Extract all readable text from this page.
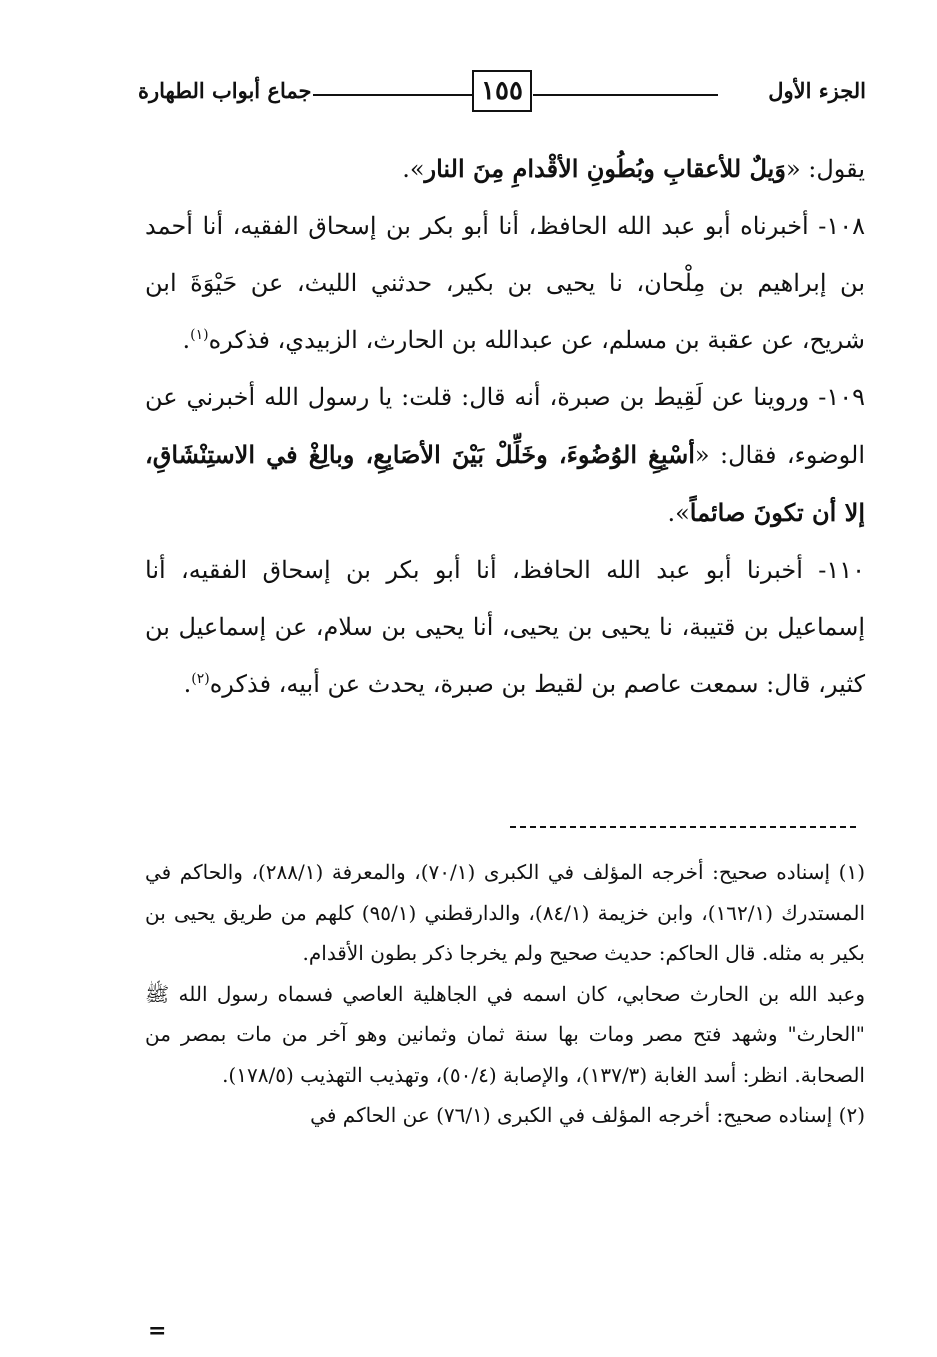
الجزء الأول
١٥٥
جماع أبواب الطهارة

يقول: «وَيلٌ للأعقابِ وبُطُونِ الأقْدامِ مِنَ النار».

١٠٨- أخبرناه أبو عبد الله الحافظ، أنا أبو بكر بن إسحاق الفقيه، أنا أحمد بن إبراهيم بن مِلْحان، نا يحيى بن بكير، حدثني الليث، عن حَيْوَةَ ابن شريح، عن عقبة بن مسلم، عن عبدالله بن الحارث، الزبيدي، فذكره$^{(١)}$.

١٠٩- وروينا عن لَقِيط بن صبرة، أنه قال: قلت: يا رسول الله أخبرني عن الوضوء، فقال: «أسْبِغِ الوُضُوءَ، وخَلِّلْ بَيْنَ الأصَابِعِ، وبالِغْ في الاستِنْشَاقِ، إلا أن تكونَ صائماً».

١١٠- أخبرنا أبو عبد الله الحافظ، أنا أبو بكر بن إسحاق الفقيه، أنا إسماعيل بن قتيبة، نا يحيى بن يحيى، أنا يحيى بن سلام، عن إسماعيل بن كثير، قال: سمعت عاصم بن لقيط بن صبرة، يحدث عن أبيه، فذكره$^{(٢)}$.

(١) إسناده صحيح: أخرجه المؤلف في الكبرى (٧٠/١)، والمعرفة (٢٨٨/١)، والحاكم في المستدرك (١٦٢/١)، وابن خزيمة (٨٤/١)، والدارقطني (٩٥/١) كلهم من طريق يحيى بن بكير به مثله. قال الحاكم: حديث صحيح ولم يخرجا ذكر بطون الأقدام.

وعبد الله بن الحارث صحابي، كان اسمه في الجاهلية العاصي فسماه رسول الله ﷺ "الحارث" وشهد فتح مصر ومات بها سنة ثمان وثمانين وهو آخر من مات بمصر من الصحابة. انظر: أسد الغابة (١٣٧/٣)، والإصابة (٥٠/٤)، وتهذيب التهذيب (١٧٨/٥).

(٢) إسناده صحيح: أخرجه المؤلف في الكبرى (٧٦/١) عن الحاكم في

=
